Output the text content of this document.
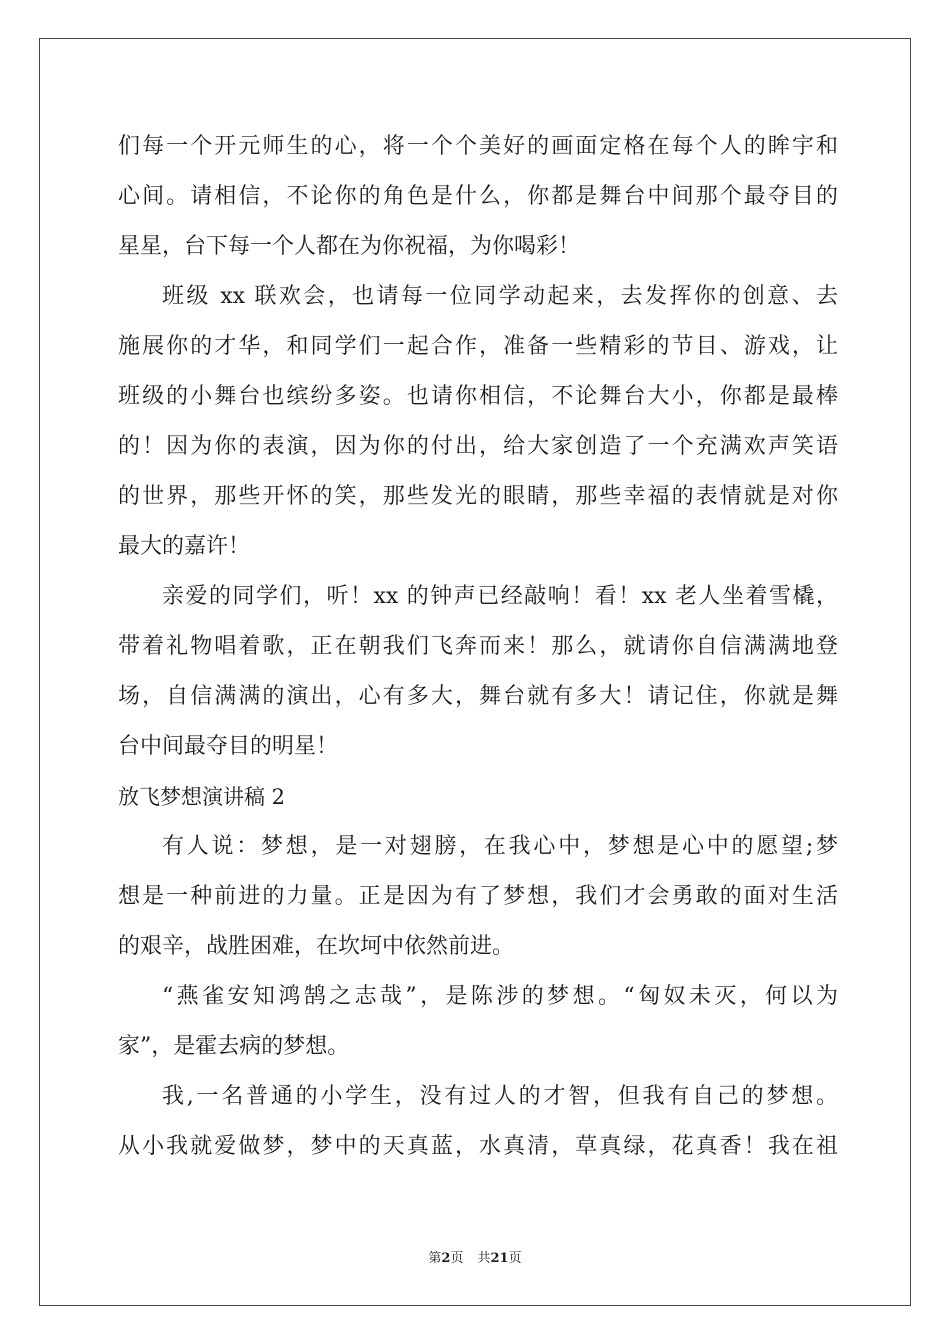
们每一个开元师生的心，将一个个美好的画面定格在每个人的眸宇和
心间。请相信，不论你的角色是什么，你都是舞台中间那个最夺目的
星星，台下每一个人都在为你祝福，为你喝彩！
班级 xx 联欢会，也请每一位同学动起来，去发挥你的创意、去
施展你的才华，和同学们一起合作，准备一些精彩的节目、游戏，让
班级的小舞台也缤纷多姿。也请你相信，不论舞台大小，你都是最棒
的！因为你的表演，因为你的付出，给大家创造了一个充满欢声笑语
的世界，那些开怀的笑，那些发光的眼睛，那些幸福的表情就是对你
最大的嘉许！
亲爱的同学们，听！xx 的钟声已经敲响！看！xx 老人坐着雪橇，
带着礼物唱着歌，正在朝我们飞奔而来！那么，就请你自信满满地登
场，自信满满的演出，心有多大，舞台就有多大！请记住，你就是舞
台中间最夺目的明星！
放飞梦想演讲稿 2
有人说：梦想，是一对翅膀，在我心中，梦想是心中的愿望;梦
想是一种前进的力量。正是因为有了梦想，我们才会勇敢的面对生活
的艰辛，战胜困难，在坎坷中依然前进。
“燕雀安知鸿鹄之志哉”，是陈涉的梦想。“匈奴未灭，何以为
家”，是霍去病的梦想。
我,一名普通的小学生，没有过人的才智，但我有自己的梦想。
从小我就爱做梦，梦中的天真蓝，水真清，草真绿，花真香！我在祖
第2页 共21页
